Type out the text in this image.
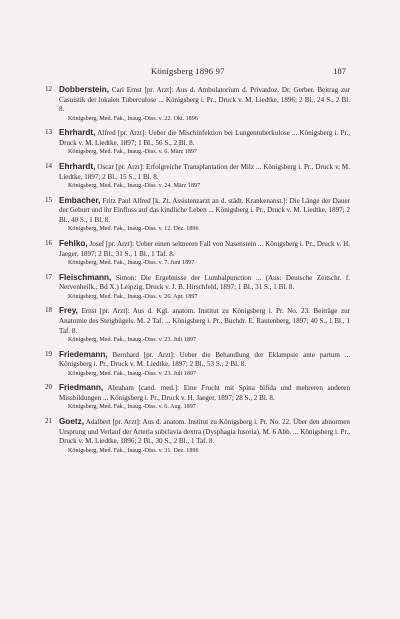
Königsberg 1896 97	187
12 Dobberstein, Carl Ernst [pr. Arzt]: Aus d. Ambulatorium d. Privatdoz. Dr. Gerber. Beitrag zur Casuistik der lokalen Tuberculose ... Königsberg i. Pr., Druck v. M. Liedtke, 1896; 2 Bl., 24 S., 2 Bl. 8.
Königsberg, Med. Fak., Inaug.-Diss. v. 22. Okt. 1896
13 Ehrhardt, Alfred [pr. Arzt]: Ueber die Mischinfektion bei Lungentuberkulose ... Königsberg i. Pr., Druck v. M. Liedtke, 1897; 1 Bl., 56 S., 2 Bl. 8.
Königsberg, Med. Fak., Inaug.-Diss. v. 6. März 1897
14 Ehrhardt, Oscar [pr. Arzt]: Erfolgreiche Transplantation der Milz ... Königsberg i. Pr., Druck v. M. Liedtke, 1897; 2 Bl., 15 S., 1 Bl. 8.
Königsberg, Med. Fak., Inaug.-Diss. v. 24. März 1897
15 Embacher, Fritz Paul Alfred [k. Zt. Assistenzarzt an d. städt. Krankenanst.]: Die Länge der Dauer der Geburt und ihr Einfluss auf das kindliche Leben ... Königsberg i. Pr., Druck v. M. Liedtke, 1897; 2 Bl., 40 S., 1 Bl. 8.
Königsberg, Med. Fak., Inaug.-Diss. v. 12. Dez. 1896
16 Fehlko, Josef [pr. Arzt]: Ueber einen seltneren Fall von Nasenstein ... Königsberg i. Pr., Druck v. H. Jaeger, 1897; 2 Bl., 31 S., 1 Bl., 1 Taf. 8.
Königsberg, Med. Fak., Inaug.-Diss. v. 7. Juni 1897
17 Fleischmann, Simon: Die Ergebnisse der Lumbalpunction ... (Aus: Deutsche Zeitschr. f. Nervenheilk., Bd X.) Leipzig, Druck v. J. B. Hirschfeld, 1897; 1 Bl., 31 S., 1 Bl. 8.
Königsberg, Med. Fak., Inaug.-Diss. v. 26. Apr. 1897
18 Frey, Ernst [pr. Arzt]: Aus d. Kgl. anatom. Institut zu Königsberg i. Pr. No. 23. Beiträge zur Anatomie des Steigbügels. M. 2 Taf. ... Königsberg i. Pr., Buchdr. E. Rautenberg, 1897; 40 S., 1 Bl., 1 Taf. 8.
Königsberg, Med. Fak., Inaug.-Diss. v. 23. Juli 1897
19 Friedemann, Bernhard [pr. Arzt]: Ueber die Behandlung der Eklampsie ante partum ... Königsberg i. Pr., Druck v. M. Liedtke, 1897; 2 Bl., 53 S., 2 Bl. 8.
Königsberg, Med. Fak., Inaug.-Diss. v. 23. Juli 1897
20 Friedmann, Abraham [cand. med.]: Eine Frucht mit Spina bifida und mehreren anderen Missbildungen ... Königsberg i. Pr., Druck v. H. Jaeger, 1897; 28 S., 2 Bl. 8.
Königsberg, Med. Fak., Inaug.-Diss. v. 6. Aug. 1897
21 Goetz, Adalbert [pr. Arzt]: Aus d. anatom. Institut zu Königsberg i. Pr. No. 22. Über den abnormen Ursprung und Verlauf der Arteria subclavia dextra (Dysphagia lusoria). M. 6 Abb. ... Königsberg i. Pr., Druck v. M. Liedtke, 1896; 2 Bl., 30 S., 2 Bl., 1 Taf. 8.
Königsberg, Med. Fak., Inaug.-Diss. v. 31. Dez. 1896
